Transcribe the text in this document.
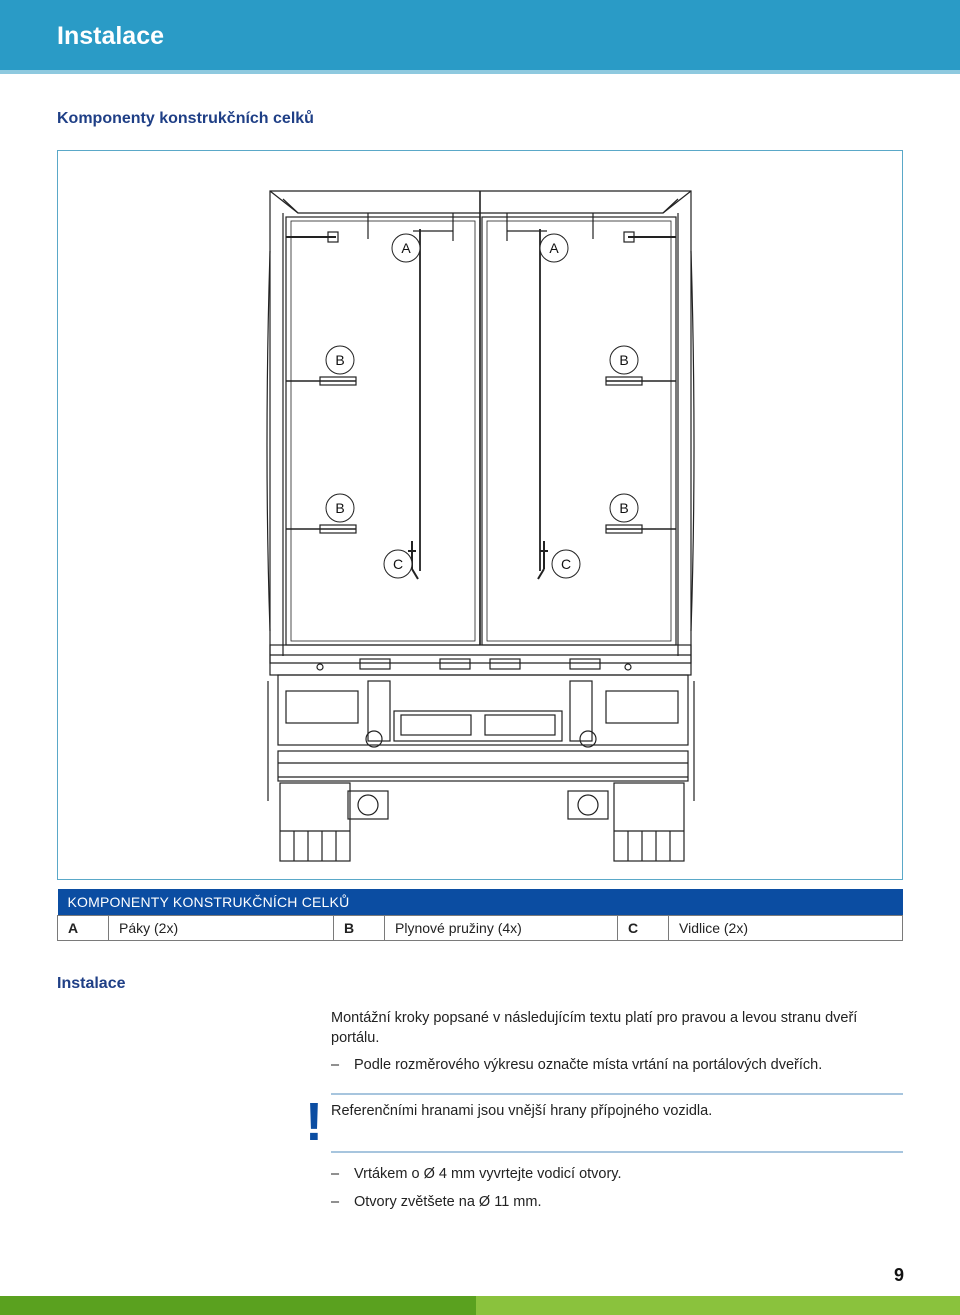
Instalace
Komponenty konstrukčních celků
A	A
B	B
B	B
C	C
KOMPONENTY KONSTRUKČNÍCH CELKŮ
A	Páky (2x)	B	Plynové pružiny (4x)	C	Vidlice (2x)
Instalace
Montážní kroky popsané v následujícím textu platí pro pravou a levou stranu dveří portálu.
– Podle rozměrového výkresu označte místa vrtání na portálových dveřích.
! Referenčními hranami jsou vnější hrany přípojného vozidla.
– Vrtákem o Ø 4 mm vyvrtejte vodicí otvory.
– Otvory zvětšete na Ø 11 mm.
9
